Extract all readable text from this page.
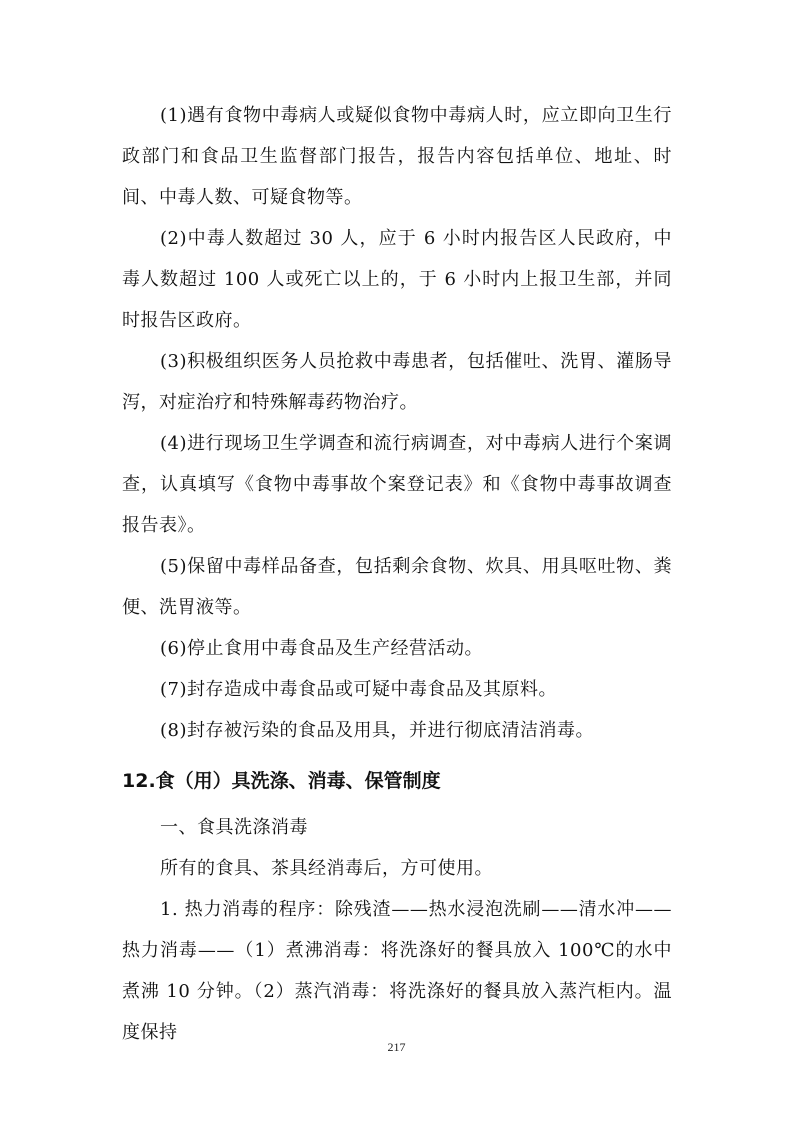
(1)遇有食物中毒病人或疑似食物中毒病人时，应立即向卫生行政部门和食品卫生监督部门报告，报告内容包括单位、地址、时间、中毒人数、可疑食物等。

(2)中毒人数超过 30 人，应于 6 小时内报告区人民政府，中毒人数超过 100 人或死亡以上的，于 6 小时内上报卫生部，并同时报告区政府。

(3)积极组织医务人员抢救中毒患者，包括催吐、洗胃、灌肠导泻，对症治疗和特殊解毒药物治疗。

(4)进行现场卫生学调查和流行病调查，对中毒病人进行个案调查，认真填写《食物中毒事故个案登记表》和《食物中毒事故调查报告表》。

(5)保留中毒样品备查，包括剩余食物、炊具、用具呕吐物、粪便、洗胃液等。

(6)停止食用中毒食品及生产经营活动。

(7)封存造成中毒食品或可疑中毒食品及其原料。

(8)封存被污染的食品及用具，并进行彻底清洁消毒。

12.食（用）具洗涤、消毒、保管制度

一、食具洗涤消毒

所有的食具、茶具经消毒后，方可使用。

1. 热力消毒的程序：除残渣——热水浸泡洗刷——清水冲——热力消毒——（1）煮沸消毒：将洗涤好的餐具放入 100℃的水中煮沸 10 分钟。（2）蒸汽消毒：将洗涤好的餐具放入蒸汽柜内。温度保持

217
